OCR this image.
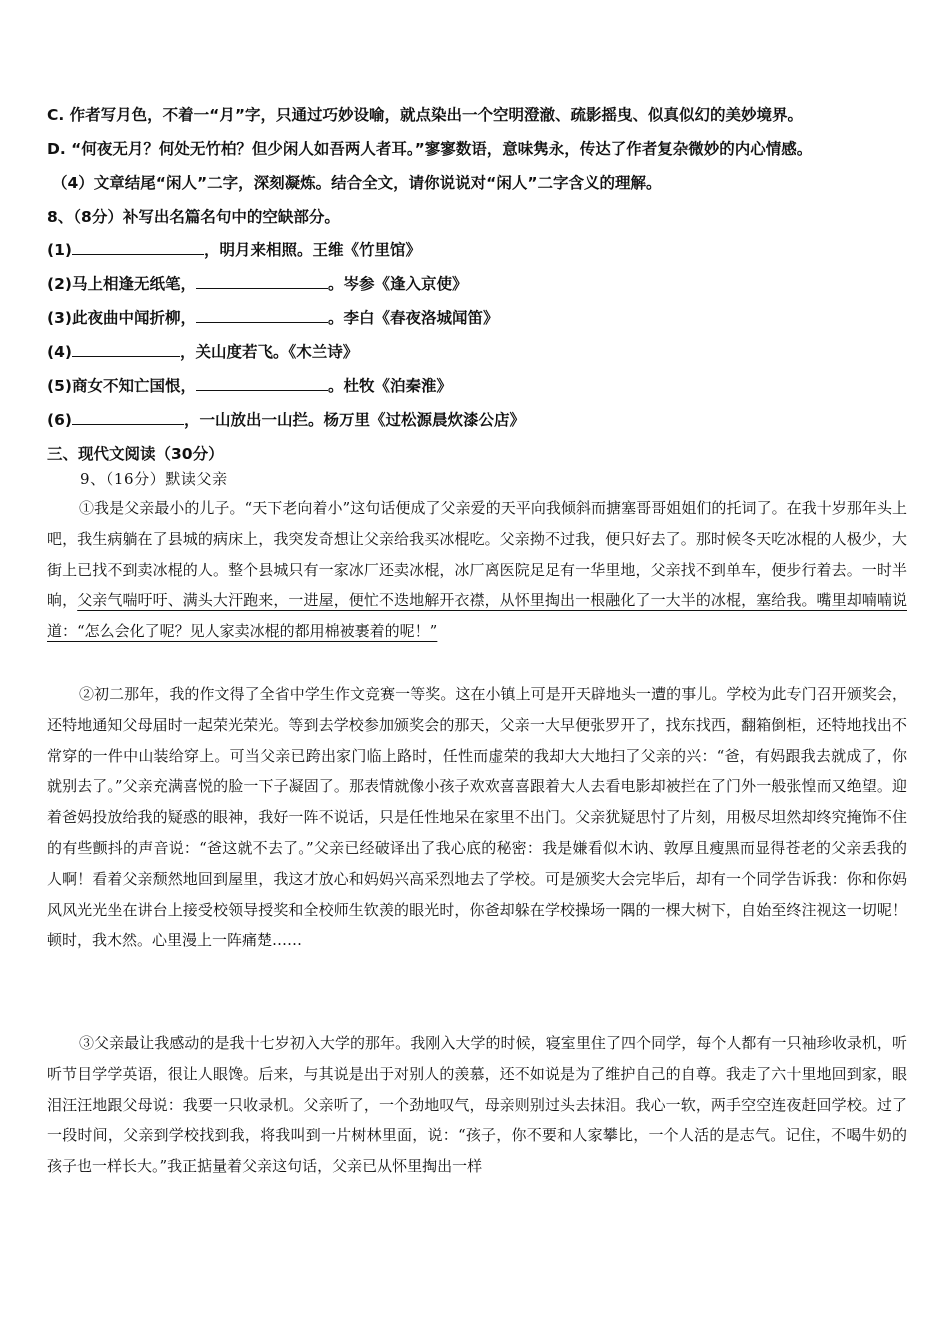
C. 作者写月色，不着一“月”字，只通过巧妙设喻，就点染出一个空明澄澈、疏影摇曳、似真似幻的美妙境界。

D. “何夜无月？何处无竹柏？但少闲人如吾两人者耳。”寥寥数语，意味隽永，传达了作者复杂微妙的内心情感。

（4）文章结尾“闲人”二字，深刻凝炼。结合全文，请你说说对“闲人”二字含义的理解。

8、（8分）补写出名篇名句中的空缺部分。

(1)	，明月来相照。王维《竹里馆》
(2)马上相逢无纸笔，	。岑参《逢入京使》
(3)此夜曲中闻折柳，	。李白《春夜洛城闻笛》
(4)	，关山度若飞。《木兰诗》
(5)商女不知亡国恨，	。杜牧《泊秦淮》
(6)	，一山放出一山拦。杨万里《过松源晨炊漆公店》

三、现代文阅读（30分）

9、（16分）默读父亲

①我是父亲最小的儿子。“天下老向着小”这句话便成了父亲爱的天平向我倾斜而搪塞哥哥姐姐们的托词了。在我十岁那年头上吧，我生病躺在了县城的病床上，我突发奇想让父亲给我买冰棍吃。父亲拗不过我，便只好去了。那时候冬天吃冰棍的人极少，大街上已找不到卖冰棍的人。整个县城只有一家冰厂还卖冰棍，冰厂离医院足足有一华里地，父亲找不到单车，便步行着去。一时半晌，父亲气喘吁吁、满头大汗跑来，一进屋，便忙不迭地解开衣襟，从怀里掏出一根融化了一大半的冰棍，塞给我。嘴里却喃喃说道：“怎么会化了呢？见人家卖冰棍的都用棉被裹着的呢！”

②初二那年，我的作文得了全省中学生作文竞赛一等奖。这在小镇上可是开天辟地头一遭的事儿。学校为此专门召开颁奖会，还特地通知父母届时一起荣光荣光。等到去学校参加颁奖会的那天，父亲一大早便张罗开了，找东找西，翻箱倒柜，还特地找出不常穿的一件中山装给穿上。可当父亲已跨出家门临上路时，任性而虚荣的我却大大地扫了父亲的兴：“爸，有妈跟我去就成了，你就别去了。”父亲充满喜悦的脸一下子凝固了。那表情就像小孩子欢欢喜喜跟着大人去看电影却被拦在了门外一般张惶而又绝望。迎着爸妈投放给我的疑惑的眼神，我好一阵不说话，只是任性地呆在家里不出门。父亲犹疑思忖了片刻，用极尽坦然却终究掩饰不住的有些颤抖的声音说：“爸这就不去了。”父亲已经破译出了我心底的秘密：我是嫌看似木讷、敦厚且瘦黑而显得苍老的父亲丢我的人啊！看着父亲颓然地回到屋里，我这才放心和妈妈兴高采烈地去了学校。可是颁奖大会完毕后，却有一个同学告诉我：你和你妈风风光光坐在讲台上接受校领导授奖和全校师生钦羡的眼光时，你爸却躲在学校操场一隅的一棵大树下，自始至终注视这一切呢！顿时，我木然。心里漫上一阵痛楚……

③父亲最让我感动的是我十七岁初入大学的那年。我刚入大学的时候，寝室里住了四个同学，每个人都有一只袖珍收录机，听听节目学学英语，很让人眼馋。后来，与其说是出于对别人的羡慕，还不如说是为了维护自己的自尊。我走了六十里地回到家，眼泪汪汪地跟父母说：我要一只收录机。父亲听了，一个劲地叹气，母亲则别过头去抹泪。我心一软，两手空空连夜赶回学校。过了一段时间，父亲到学校找到我，将我叫到一片树林里面，说：“孩子，你不要和人家攀比，一个人活的是志气。记住，不喝牛奶的孩子也一样长大。”我正掂量着父亲这句话，父亲已从怀里掏出一样
